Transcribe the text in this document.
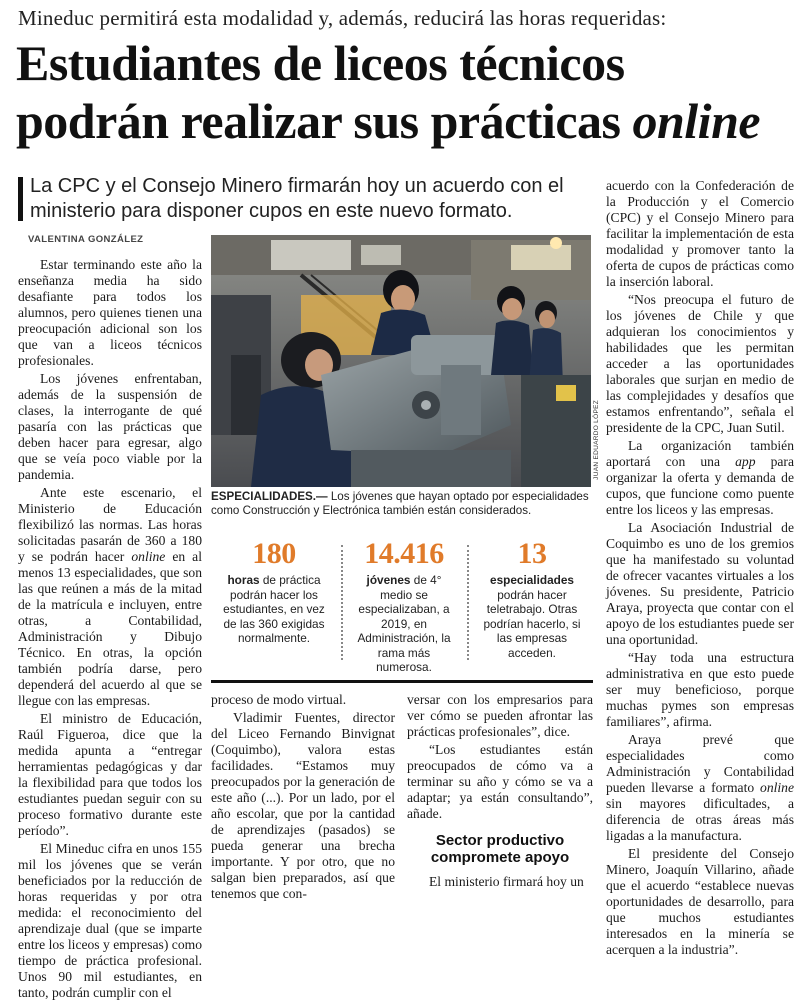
Mineduc permitirá esta modalidad y, además, reducirá las horas requeridas:
Estudiantes de liceos técnicos
podrán realizar sus prácticas online
La CPC y el Consejo Minero firmarán hoy un acuerdo con el ministerio para disponer cupos en este nuevo formato.
VALENTINA GONZÁLEZ

Estar terminando este año la enseñanza media ha sido desafiante para todos los alumnos, pero quienes tienen una preocupación adicional son los que van a liceos técnicos profesionales.

Los jóvenes enfrentaban, además de la suspensión de clases, la interrogante de qué pasaría con las prácticas que deben hacer para egresar, algo que se veía poco viable por la pandemia.

Ante este escenario, el Ministerio de Educación flexibilizó las normas. Las horas solicitadas pasarán de 360 a 180 y se podrán hacer online en al menos 13 especialidades, que son las que reúnen a más de la mitad de la matrícula e incluyen, entre otras, a Contabilidad, Administración y Dibujo Técnico. En otras, la opción también podría darse, pero dependerá del acuerdo al que se llegue con las empresas.

El ministro de Educación, Raúl Figueroa, dice que la medida apunta a “entregar herramientas pedagógicas y dar la flexibilidad para que todos los estudiantes puedan seguir con su proceso formativo durante este período”.

El Mineduc cifra en unos 155 mil los jóvenes que se verán beneficiados por la reducción de horas requeridas y por otra medida: el reconocimiento del aprendizaje dual (que se imparte entre los liceos y empresas) como tiempo de práctica profesional. Unos 90 mil estudiantes, en tanto, podrán cumplir con el

JUAN EDUARDO LÓPEZ
ESPECIALIDADES.— Los jóvenes que hayan optado por especialidades como Construcción y Electrónica también están considerados.
180
horas de práctica podrán hacer los estudiantes, en vez de las 360 exigidas normalmente.
14.416
jóvenes de 4° medio se especializaban, a 2019, en Administración, la rama más numerosa.
13
especialidades podrán hacer teletrabajo. Otras podrían hacerlo, si las empresas acceden.

proceso de modo virtual.

Vladimir Fuentes, director del Liceo Fernando Binvignat (Coquimbo), valora estas facilidades. “Estamos muy preocupados por la generación de este año (...). Por un lado, por el año escolar, que por la cantidad de aprendizajes (pasados) se pueda generar una brecha importante. Y por otro, que no salgan bien preparados, así que tenemos que con-

versar con los empresarios para ver cómo se pueden afrontar las prácticas profesionales”, dice.

“Los estudiantes están preocupados de cómo va a terminar su año y cómo se va a adaptar; ya están consultando”, añade.

Sector productivo compromete apoyo

El ministerio firmará hoy un

acuerdo con la Confederación de la Producción y el Comercio (CPC) y el Consejo Minero para facilitar la implementación de esta modalidad y promover tanto la oferta de cupos de prácticas como la inserción laboral.

“Nos preocupa el futuro de los jóvenes de Chile y que adquieran los conocimientos y habilidades que les permitan acceder a las oportunidades laborales que surjan en medio de las complejidades y desafíos que estamos enfrentando”, señala el presidente de la CPC, Juan Sutil.

La organización también aportará con una app para organizar la oferta y demanda de cupos, que funcione como puente entre los liceos y las empresas.

La Asociación Industrial de Coquimbo es uno de los gremios que ha manifestado su voluntad de ofrecer vacantes virtuales a los jóvenes. Su presidente, Patricio Araya, proyecta que contar con el apoyo de los estudiantes puede ser una oportunidad.

“Hay toda una estructura administrativa en que esto puede ser muy beneficioso, porque muchas pymes son empresas familiares”, afirma.

Araya prevé que especialidades como Administración y Contabilidad pueden llevarse a formato online sin mayores dificultades, a diferencia de otras áreas más ligadas a la manufactura.

El presidente del Consejo Minero, Joaquín Villarino, añade que el acuerdo “establece nuevas oportunidades de desarrollo, para que muchos estudiantes interesados en la minería se acerquen a la industria”.
